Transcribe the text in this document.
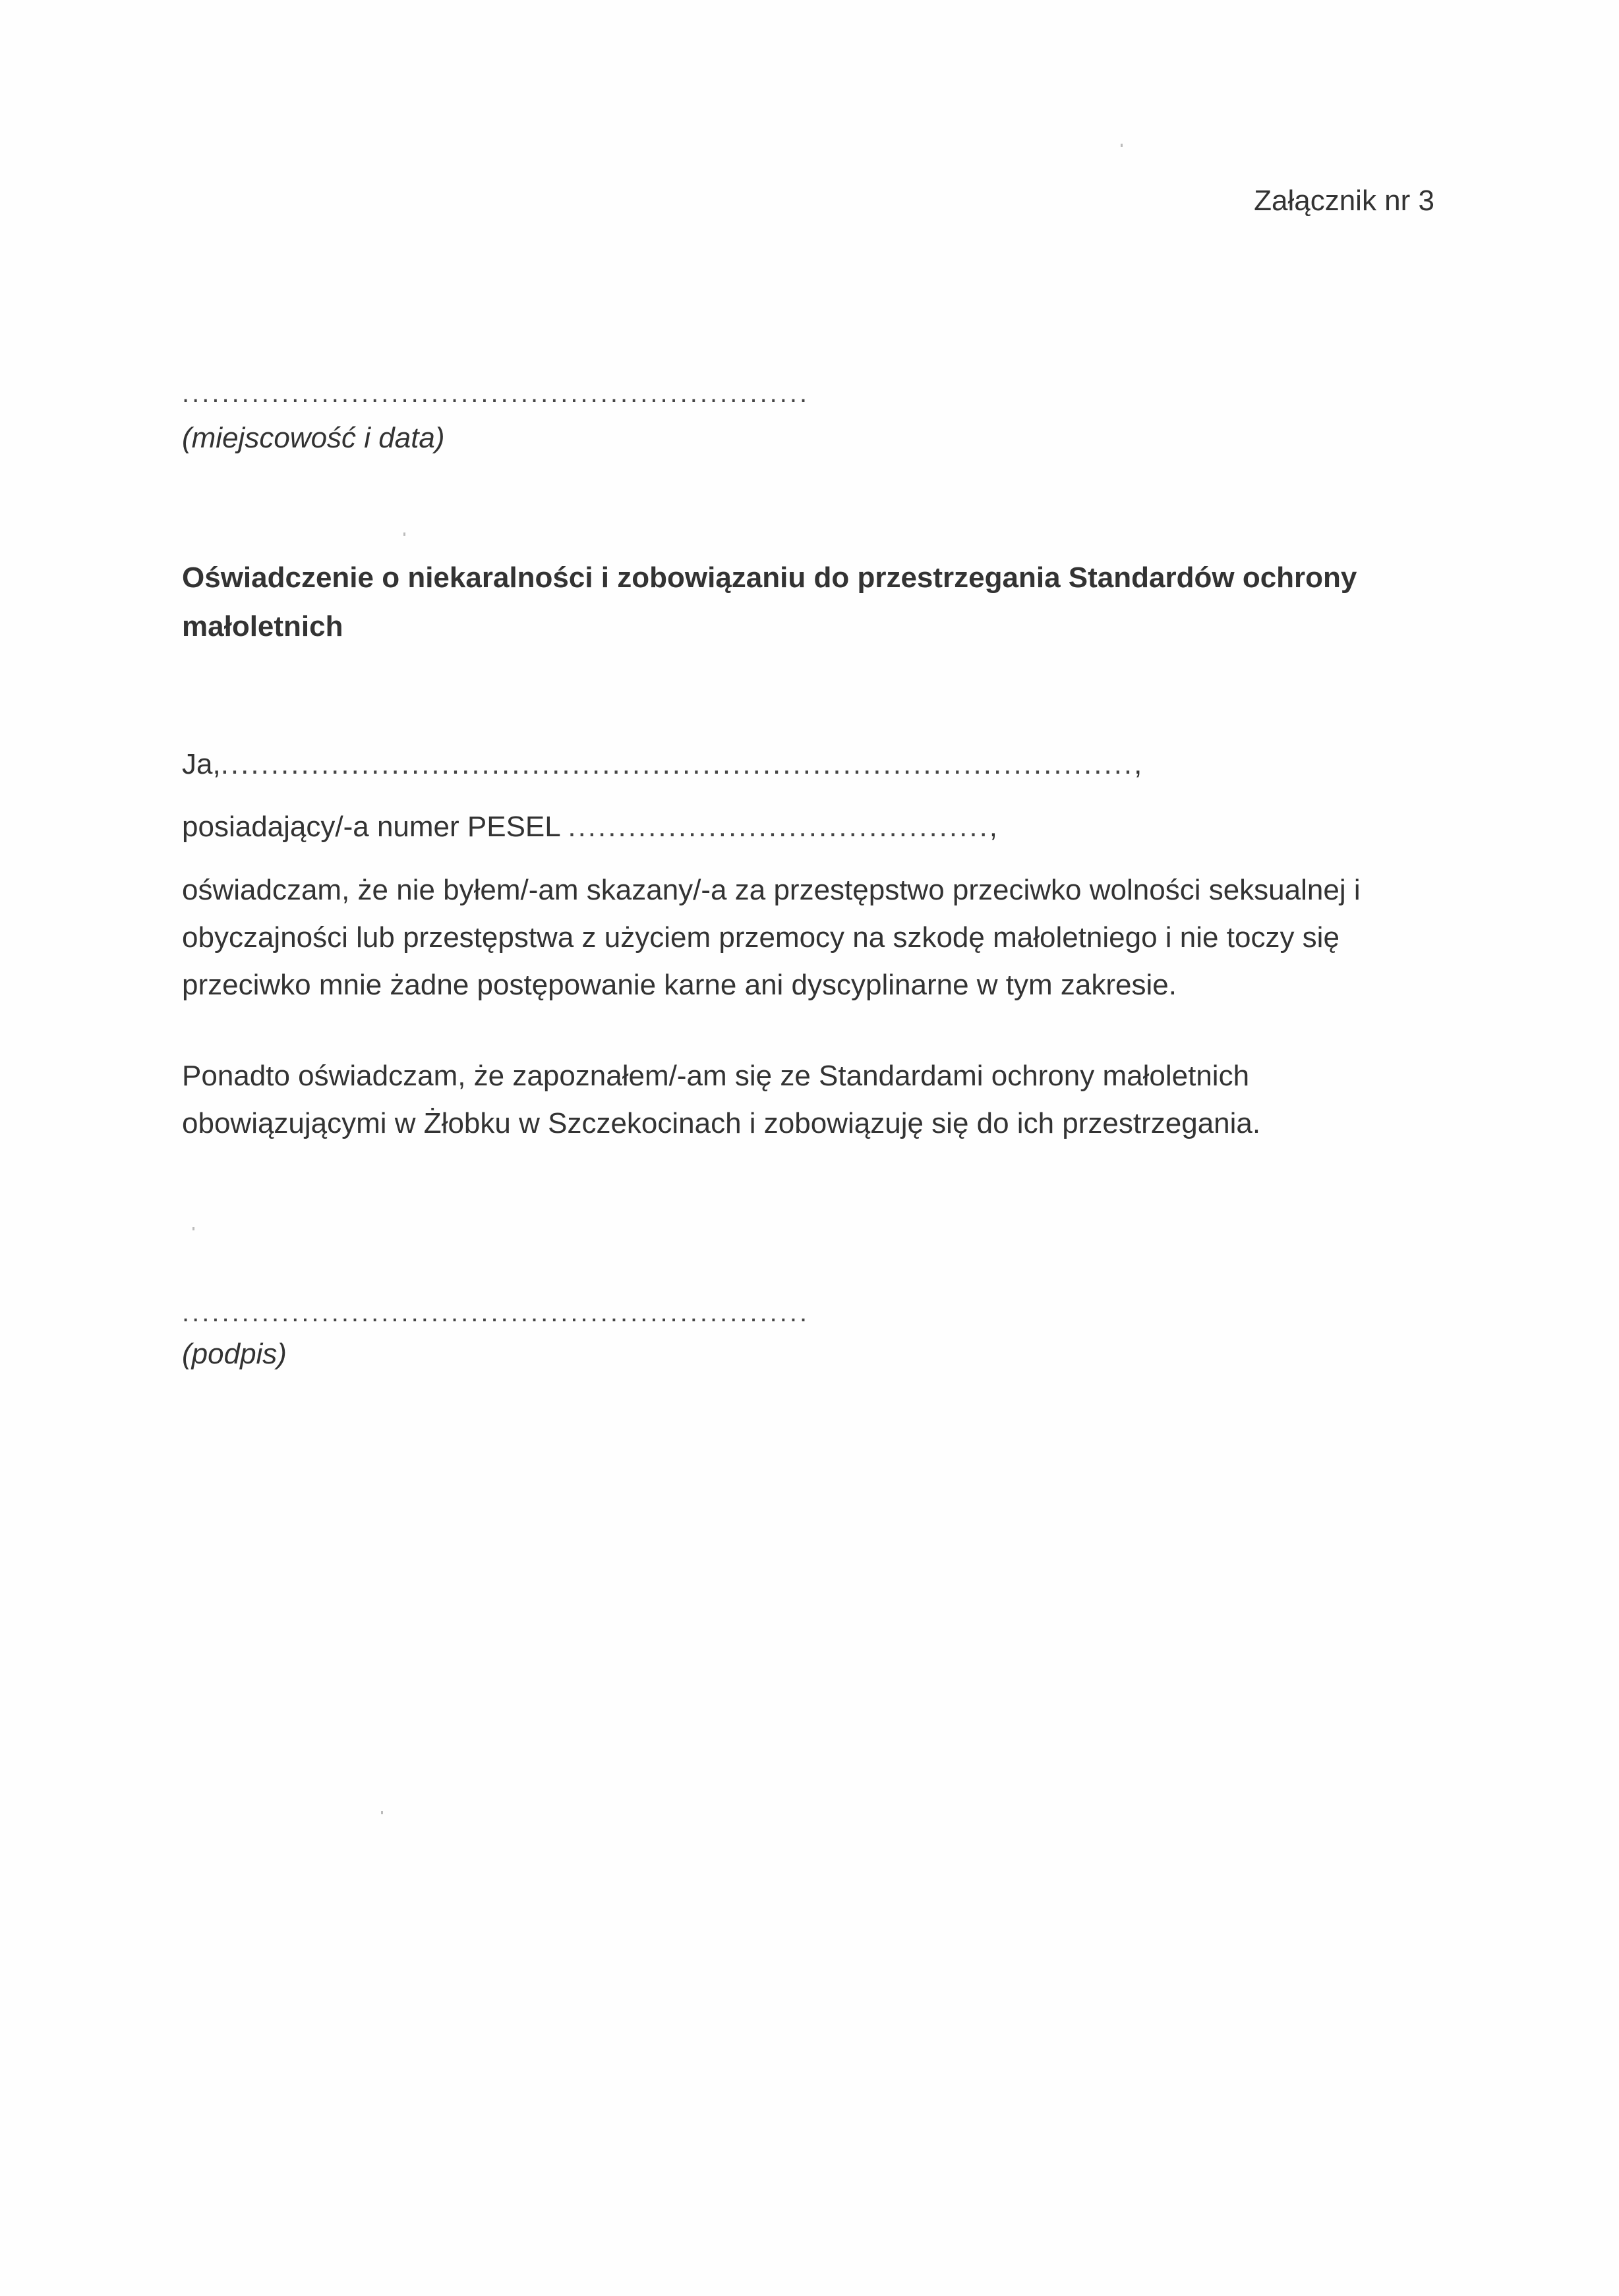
Załącznik nr 3
...............................................................
(miejscowość i data)
Oświadczenie o niekaralności i zobowiązaniu do przestrzegania Standardów ochrony małoletnich
Ja,...........................................................................................,
posiadający/-a numer PESEL ..........................................,
oświadczam, że nie byłem/-am skazany/-a za przestępstwo przeciwko wolności seksualnej i obyczajności lub przestępstwa z użyciem przemocy na szkodę małoletniego i nie toczy się przeciwko mnie żadne postępowanie karne ani dyscyplinarne w tym zakresie.
Ponadto oświadczam, że zapoznałem/-am się ze Standardami ochrony małoletnich obowiązującymi w Żłobku w Szczekocinach i zobowiązuję się do ich przestrzegania.
...............................................................
(podpis)
